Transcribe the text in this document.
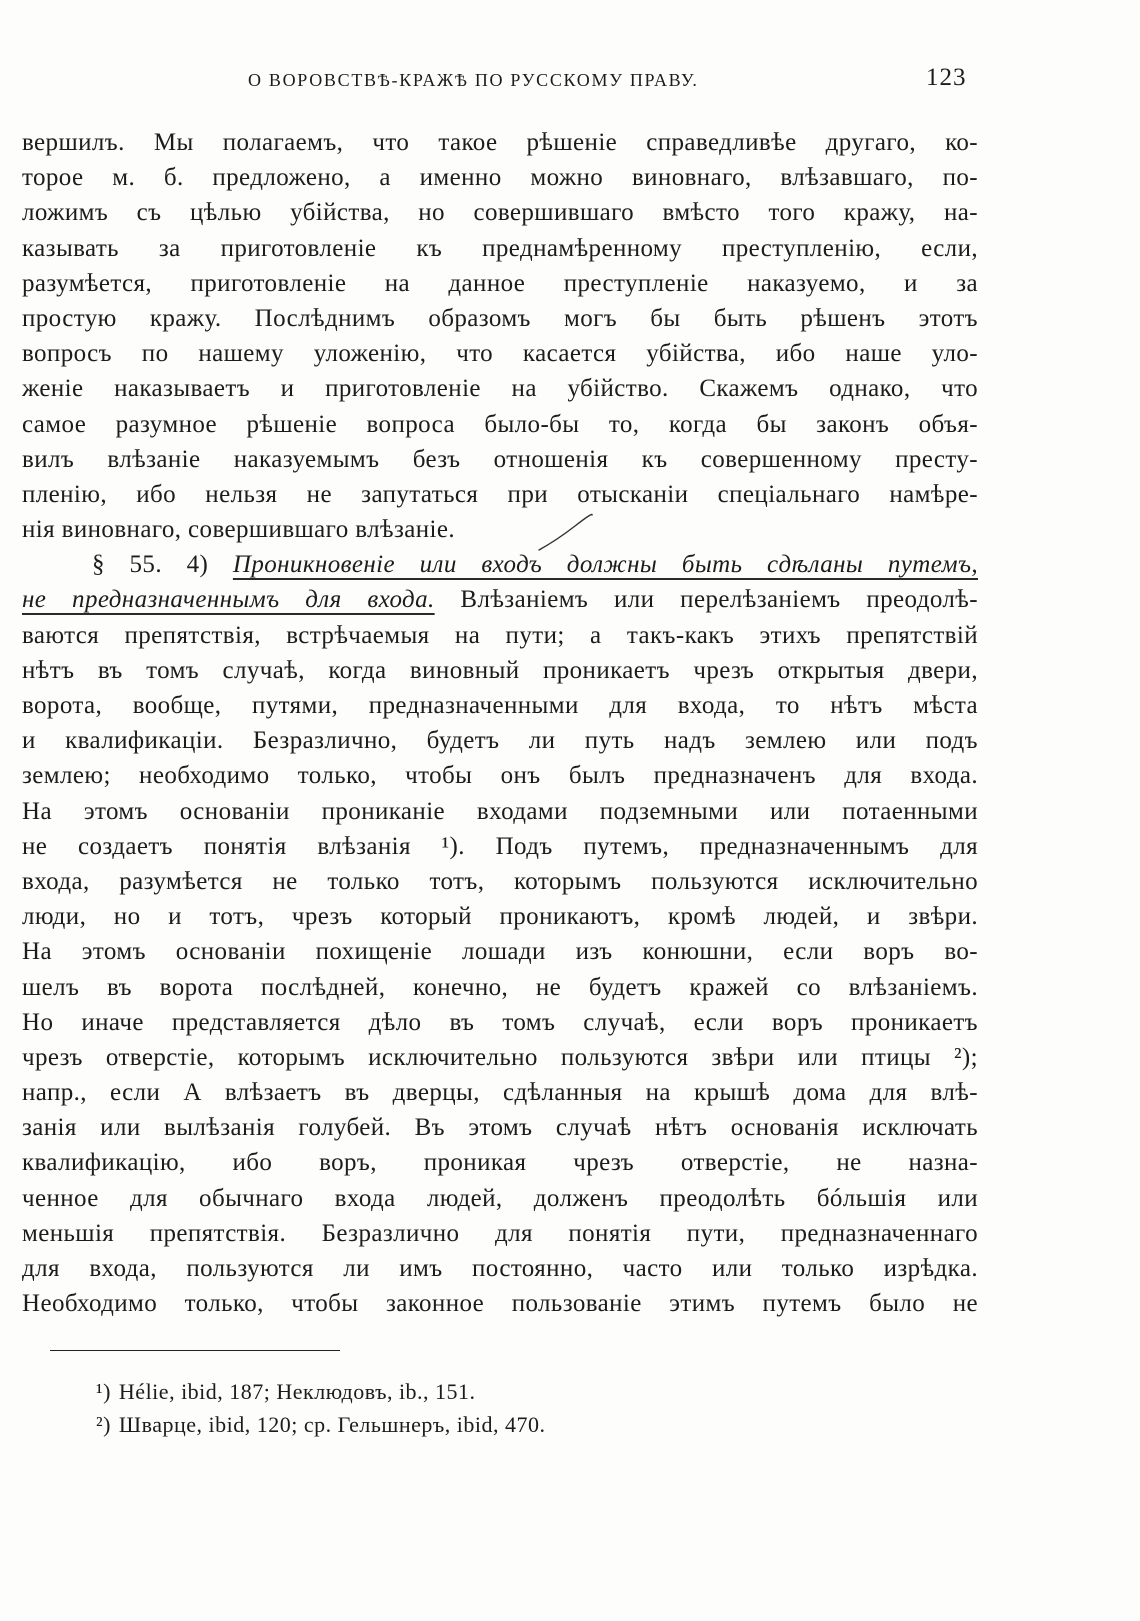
О ВОРОВСТВѢ-КРАЖѢ ПО РУССКОМУ ПРАВУ.	123
вершилъ. Мы полагаемъ, что такое рѣшеніе справедливѣе другаго, ко-
торое м. б. предложено, а именно можно виновнаго, влѣзавшаго, по-
ложимъ съ цѣлью убійства, но совершившаго вмѣсто того кражу, на-
казывать за приготовленіе къ преднамѣренному преступленію, если,
разумѣется, приготовленіе на данное преступленіе наказуемо, и за
простую кражу. Послѣднимъ образомъ могъ бы быть рѣшенъ этотъ
вопросъ по нашему уложенію, что касается убійства, ибо наше уло-
женіе наказываетъ и приготовленіе на убійство. Скажемъ однако, что
самое разумное рѣшеніе вопроса было-бы то, когда бы законъ объя-
вилъ влѣзаніе наказуемымъ безъ отношенія къ совершенному престу-
пленію, ибо нельзя не запутаться при отысканіи спеціальнаго намѣре-
нія виновнаго, совершившаго влѣзаніе.
§ 55. 4) Проникновеніе или входъ должны быть сдѣланы путемъ,
не предназначеннымъ для входа. Влѣзаніемъ или перелѣзаніемъ преодолѣ-
ваются препятствія, встрѣчаемыя на пути; а такъ-какъ этихъ препятствій
нѣтъ въ томъ случаѣ, когда виновный проникаетъ чрезъ открытыя двери,
ворота, вообще, путями, предназначенными для входа, то нѣтъ мѣста
и квалификаціи. Безразлично, будетъ ли путь надъ землею или подъ
землею; необходимо только, чтобы онъ былъ предназначенъ для входа.
На этомъ основаніи прониканіе входами подземными или потаенными
не создаетъ понятія влѣзанія ¹). Подъ путемъ, предназначеннымъ для
входа, разумѣется не только тотъ, которымъ пользуются исключительно
люди, но и тотъ, чрезъ который проникаютъ, кромѣ людей, и звѣри.
На этомъ основаніи похищеніе лошади изъ конюшни, если воръ во-
шелъ въ ворота послѣдней, конечно, не будетъ кражей со влѣзаніемъ.
Но иначе представляется дѣло въ томъ случаѣ, если воръ проникаетъ
чрезъ отверстіе, которымъ исключительно пользуются звѣри или птицы ²);
напр., если А влѣзаетъ въ дверцы, сдѣланныя на крышѣ дома для влѣ-
занія или вылѣзанія голубей. Въ этомъ случаѣ нѣтъ основанія исключать
квалификацію, ибо воръ, проникая чрезъ отверстіе, не назна-
ченное для обычнаго входа людей, долженъ преодолѣть бóльшія или
меньшія препятствія. Безразлично для понятія пути, предназначеннаго
для входа, пользуются ли имъ постоянно, часто или только изрѣдка.
Необходимо только, чтобы законное пользованіе этимъ путемъ было не
¹) Hélie, ibid, 187; Неклюдовъ, ib., 151.
²) Шварце, ibid, 120; ср. Гельшнеръ, ibid, 470.
